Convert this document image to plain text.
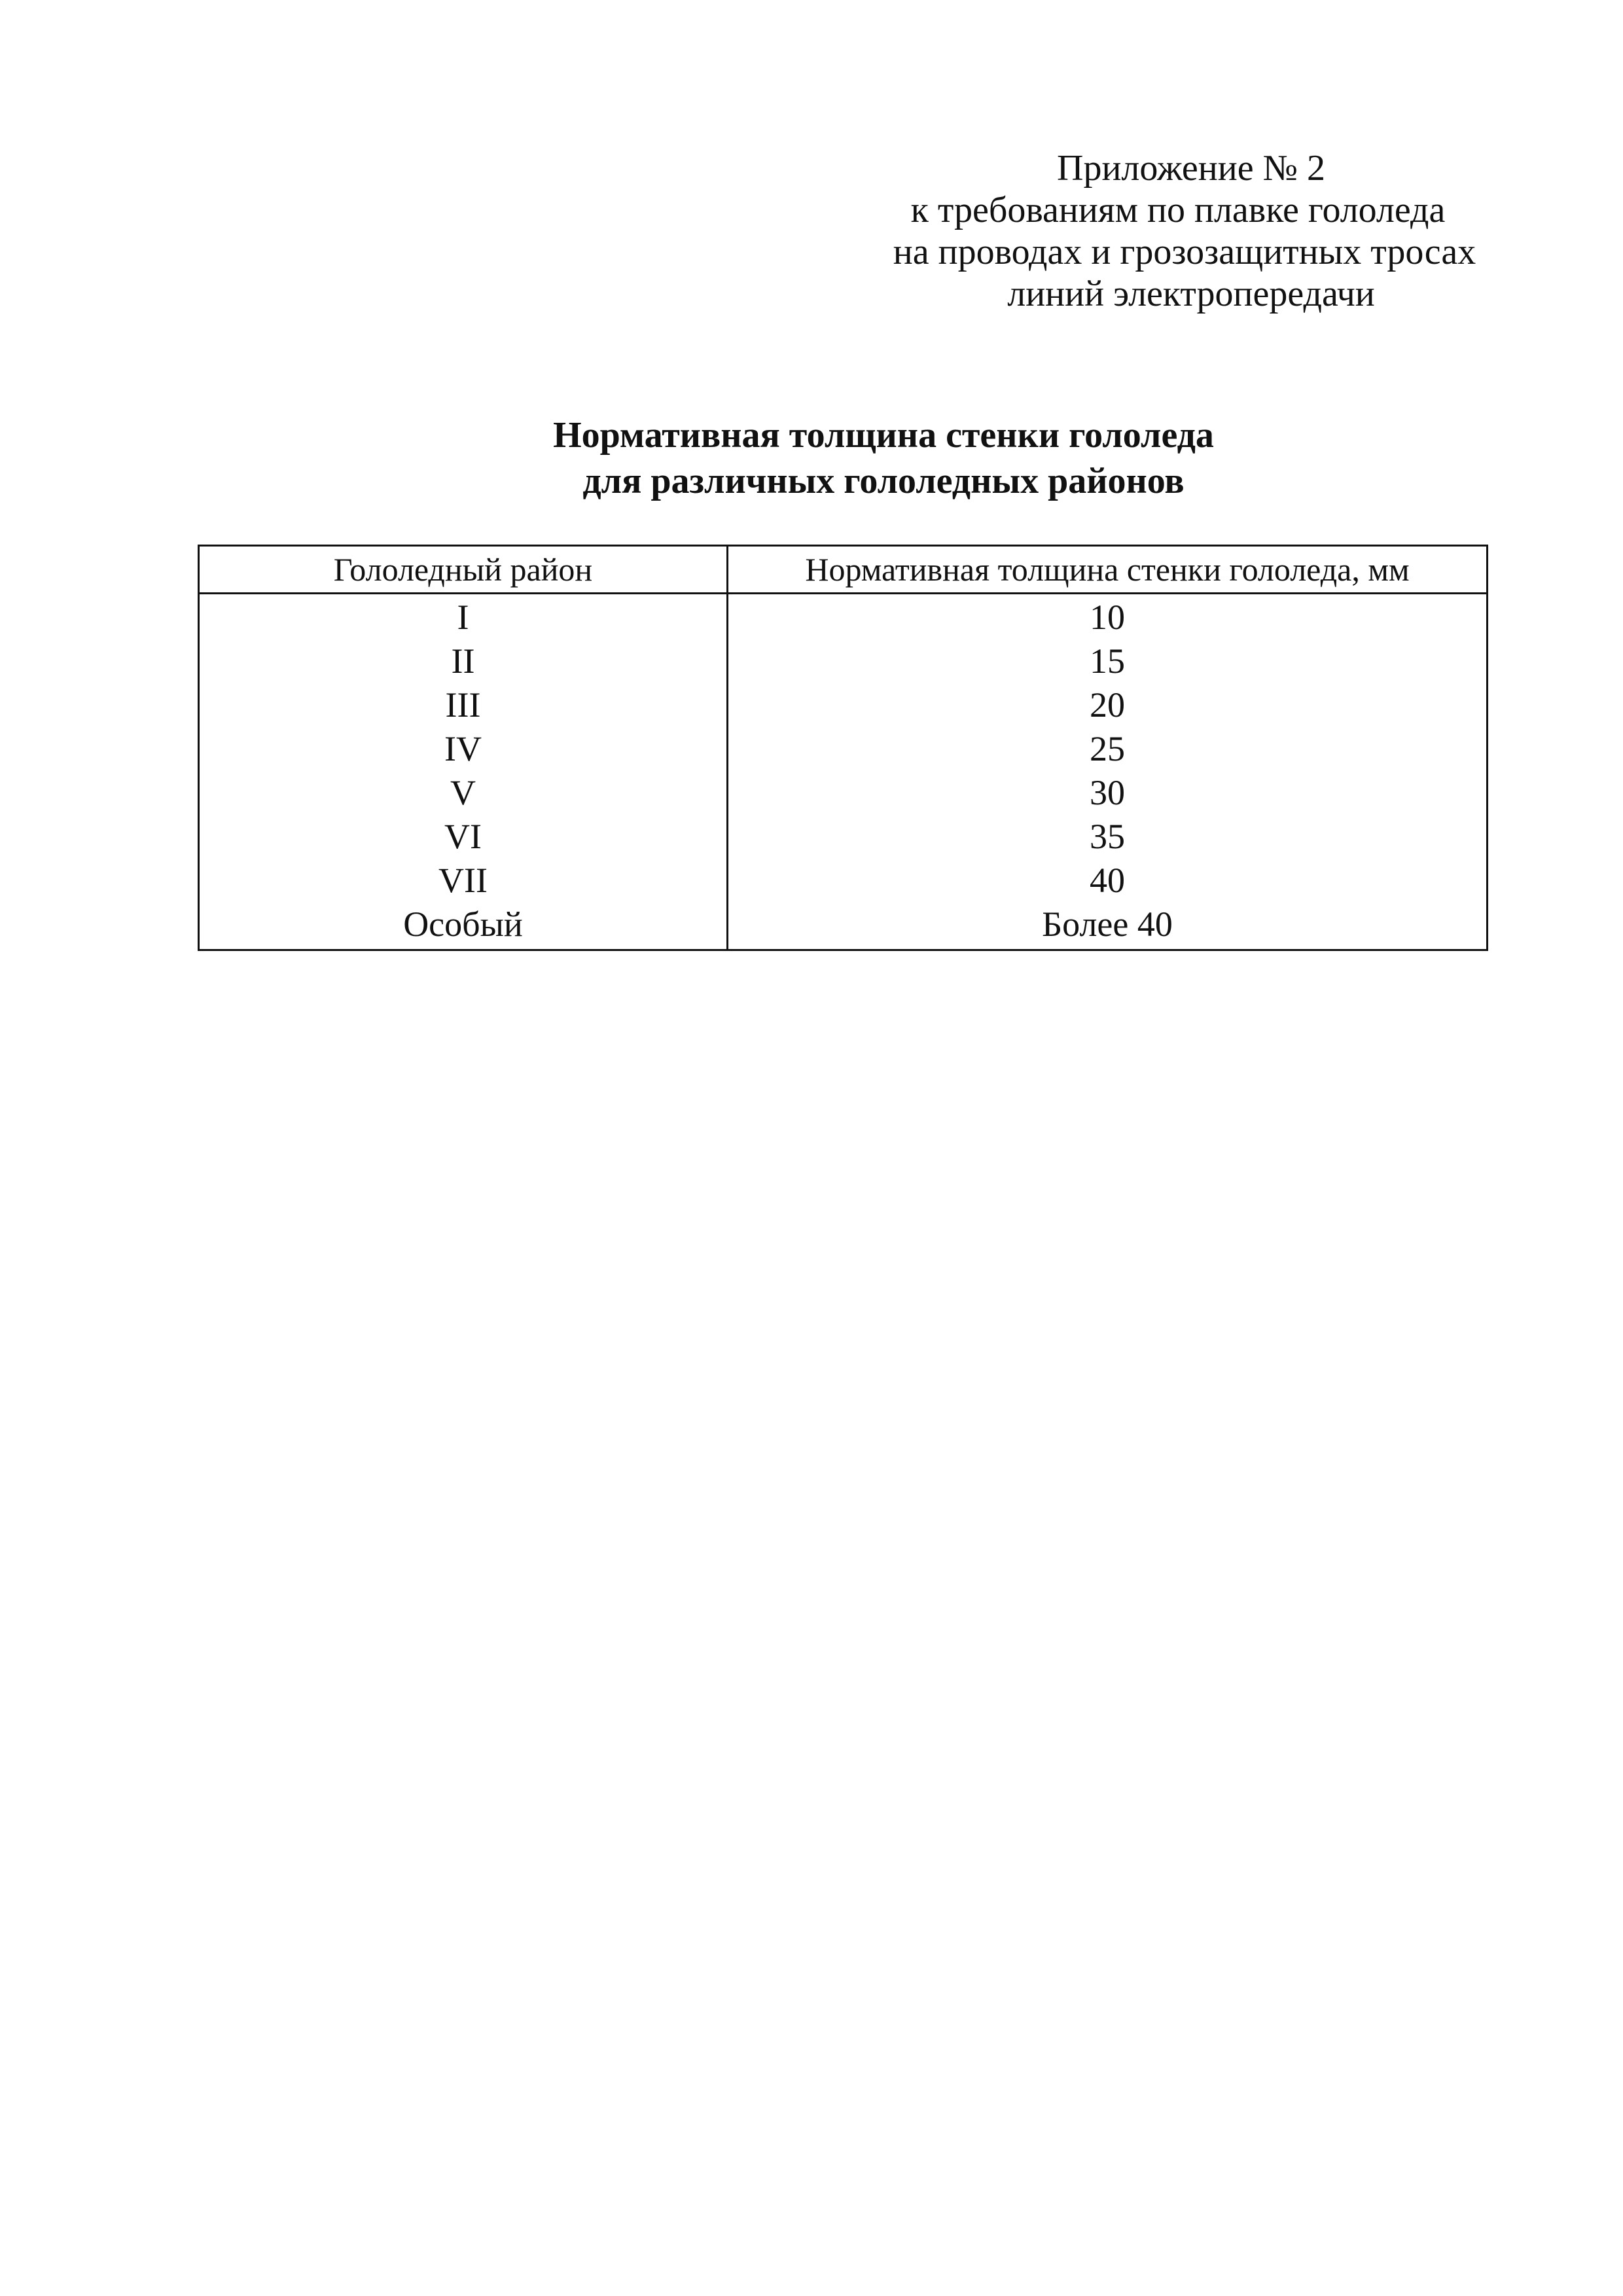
Приложение № 2
к требованиям по плавке гололеда
на проводах и грозозащитных тросах
линий электропередачи
Нормативная толщина стенки гололеда
для различных гололедных районов
Гололедный район	Нормативная толщина стенки гололеда, мм
I
II
III
IV
V
VI
VII
Особый
10
15
20
25
30
35
40
Более 40
